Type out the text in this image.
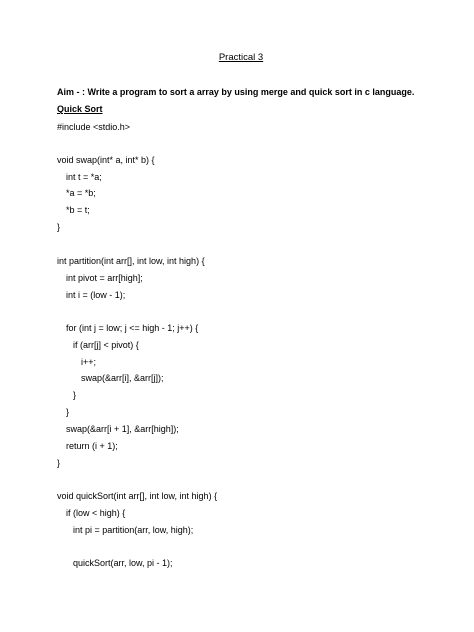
Practical 3
Aim - : Write a program to sort a array by using merge and quick sort in c language.
Quick Sort
#include <stdio.h>
void swap(int* a, int* b) {
int t = *a;
*a = *b;
*b = t;
}
int partition(int arr[], int low, int high) {
int pivot = arr[high];
int i = (low - 1);
for (int j = low; j <= high - 1; j++) {
if (arr[j] < pivot) {
i++;
swap(&arr[i], &arr[j]);
}
}
swap(&arr[i + 1], &arr[high]);
return (i + 1);
}
void quickSort(int arr[], int low, int high) {
if (low < high) {
int pi = partition(arr, low, high);
quickSort(arr, low, pi - 1);
